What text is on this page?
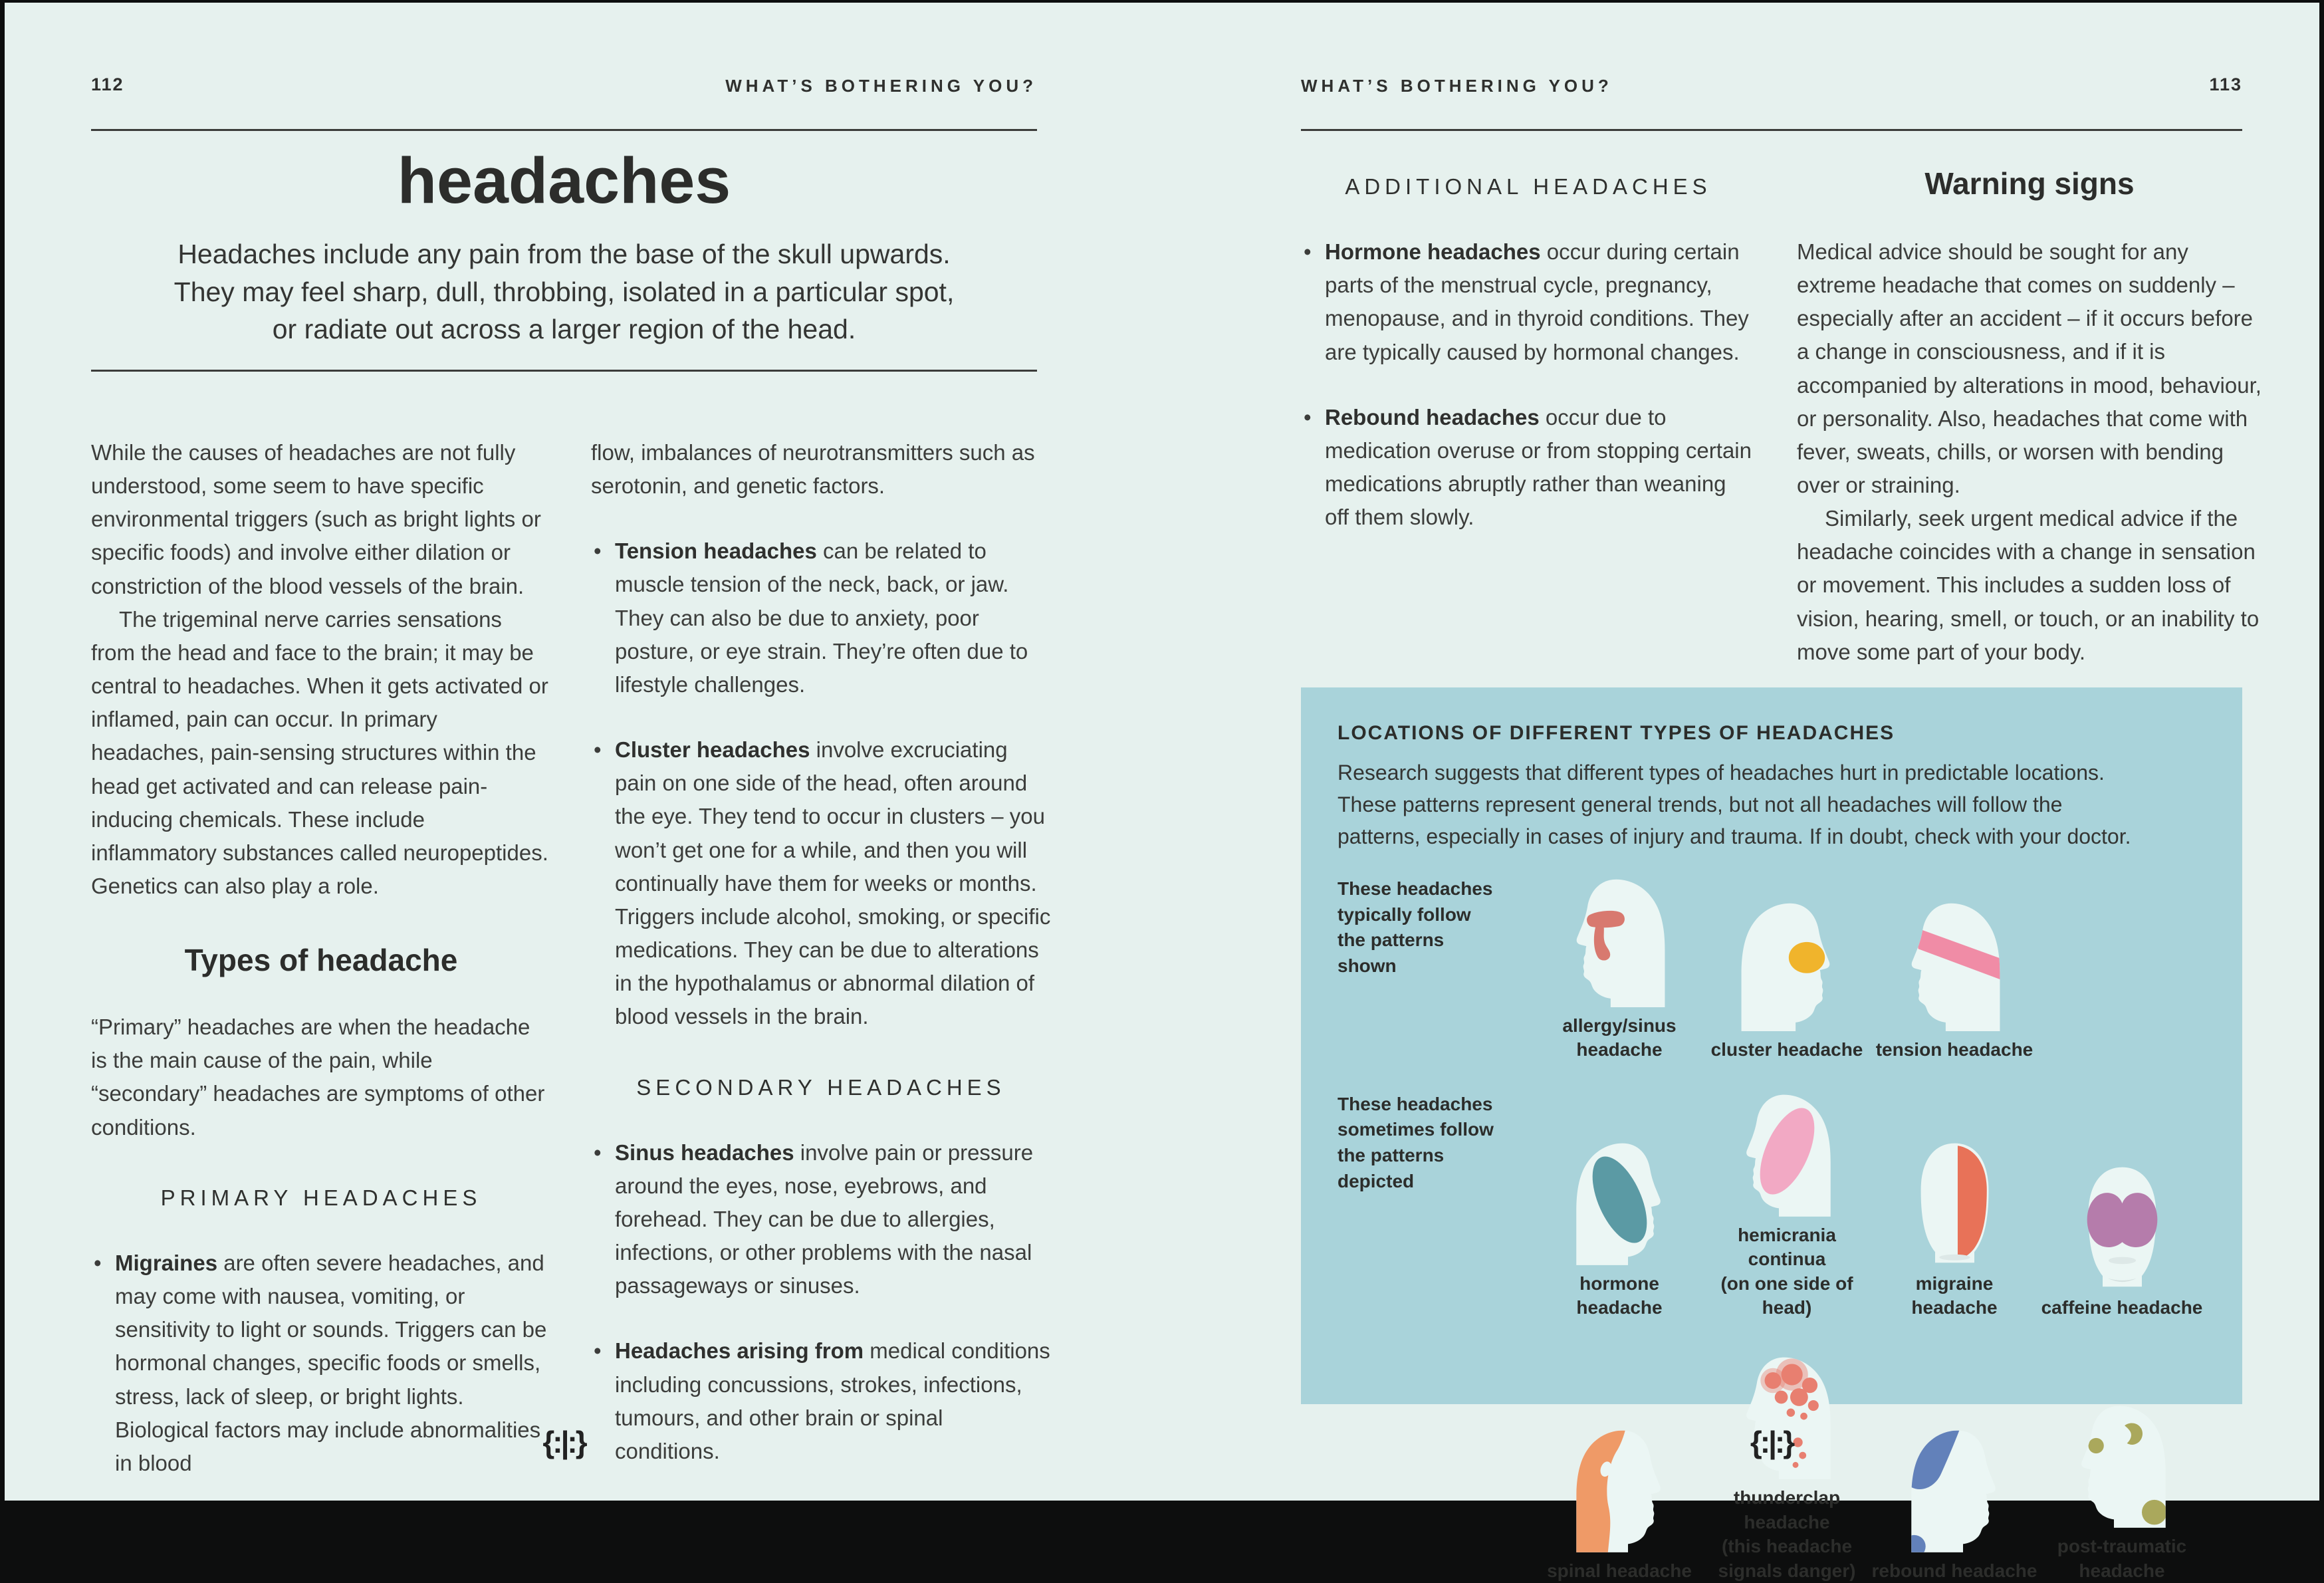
112	WHAT’S BOTHERING YOU?
headaches
Headaches include any pain from the base of the skull upwards.
They may feel sharp, dull, throbbing, isolated in a particular spot,
or radiate out across a larger region of the head.

While the causes of headaches are not fully understood, some seem to have specific environmental triggers (such as bright lights or specific foods) and involve either dilation or constriction of the blood vessels of the brain.

The trigeminal nerve carries sensations from the head and face to the brain; it may be central to headaches. When it gets activated or inflamed, pain can occur. In primary headaches, pain-sensing structures within the head get activated and can release pain-inducing chemicals. These include inflammatory substances called neuropeptides. Genetics can also play a role.

Types of headache

“Primary” headaches are when the headache is the main cause of the pain, while “secondary” headaches are symptoms of other conditions.

PRIMARY HEADACHES
• Migraines are often severe headaches, and may come with nausea, vomiting, or sensitivity to light or sounds. Triggers can be hormonal changes, specific foods or smells, stress, lack of sleep, or bright lights. Biological factors may include abnormalities in blood

flow, imbalances of neurotransmitters such as serotonin, and genetic factors.

• Tension headaches can be related to muscle tension of the neck, back, or jaw. They can also be due to anxiety, poor posture, or eye strain. They’re often due to lifestyle challenges.
• Cluster headaches involve excruciating pain on one side of the head, often around the eye. They tend to occur in clusters – you won’t get one for a while, and then you will continually have them for weeks or months. Triggers include alcohol, smoking, or specific medications. They can be due to alterations in the hypothalamus or abnormal dilation of blood vessels in the brain.
SECONDARY HEADACHES
• Sinus headaches involve pain or pressure around the eyes, nose, eyebrows, and forehead. They can be due to allergies, infections, or other problems with the nasal passageways or sinuses.
• Headaches arising from medical conditions including concussions, strokes, infections, tumours, and other brain or spinal conditions.
WHAT’S BOTHERING YOU?	113
ADDITIONAL HEADACHES
• Hormone headaches occur during certain parts of the menstrual cycle, pregnancy, menopause, and in thyroid conditions. They are typically caused by hormonal changes.
• Rebound headaches occur due to medication overuse or from stopping certain medications abruptly rather than weaning off them slowly.
Warning signs

Medical advice should be sought for any extreme headache that comes on suddenly – especially after an accident – if it occurs before a change in consciousness, and if it is accompanied by alterations in mood, behaviour, or personality. Also, headaches that come with fever, sweats, chills, or worsen with bending over or straining.

Similarly, seek urgent medical advice if the headache coincides with a change in sensation or movement. This includes a sudden loss of vision, hearing, smell, or touch, or an inability to move some part of your body.

LOCATIONS OF DIFFERENT TYPES OF HEADACHES
Research suggests that different types of headaches hurt in predictable locations.
These patterns represent general trends, but not all headaches will follow the
patterns, especially in cases of injury and trauma. If in doubt, check with your doctor.
These headaches typically follow the patterns shown
allergy/sinus headache	cluster headache tension headache
These headaches sometimes follow the patterns depicted
hormone headache
hemicrania continua
(on one side of head)
migraine headache	caffeine headache
spinal headache
thunderclap headache
(this headache signals danger) rebound headache
post-traumatic headache
{:|:}	{:|:}
